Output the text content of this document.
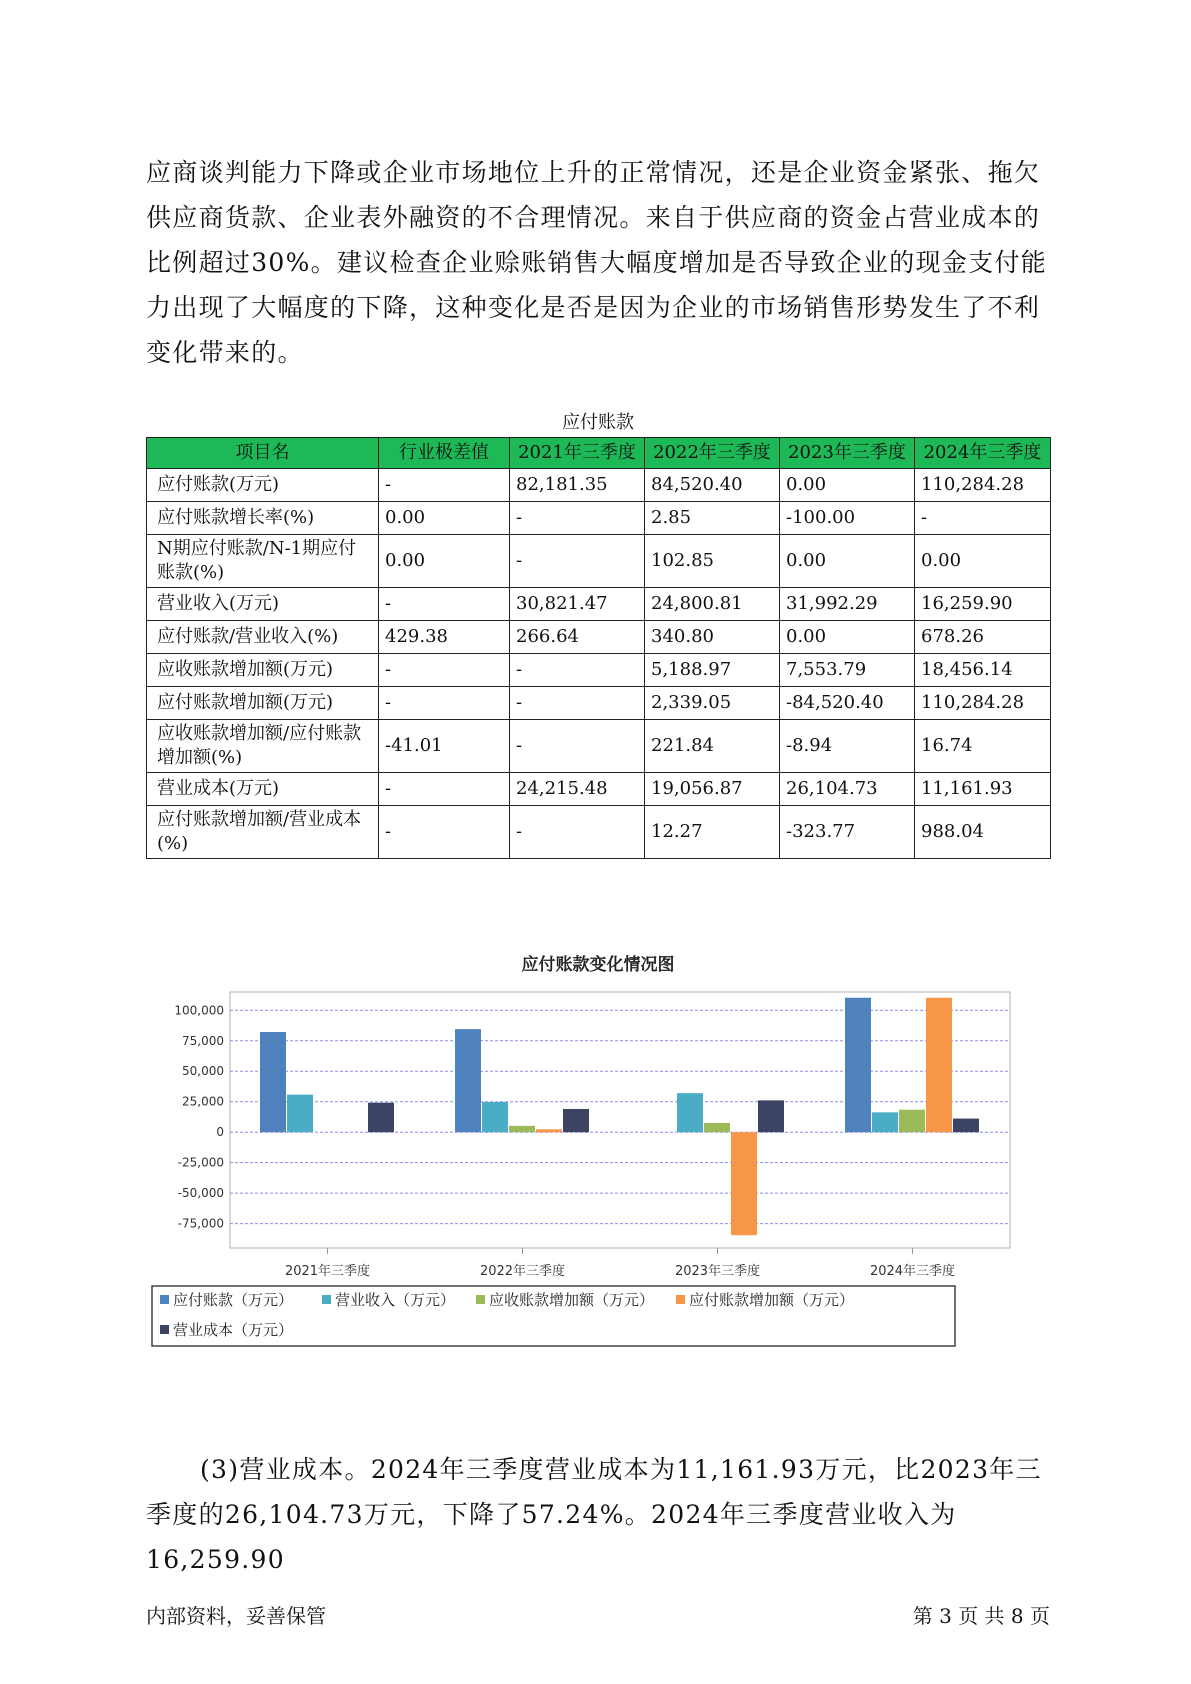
应商谈判能力下降或企业市场地位上升的正常情况，还是企业资金紧张、拖欠供应商货款、企业表外融资的不合理情况。来自于供应商的资金占营业成本的比例超过30%。建议检查企业赊账销售大幅度增加是否导致企业的现金支付能力出现了大幅度的下降，这种变化是否是因为企业的市场销售形势发生了不利变化带来的。

应付账款
项目名	行业极差值	2021年三季度	2022年三季度	2023年三季度	2024年三季度
应付账款(万元)	-	82,181.35	84,520.40	0.00	110,284.28
应付账款增长率(%)	0.00	-	2.85	-100.00	-
N期应付账款/N-1期应付账款(%)	0.00	-	102.85	0.00	0.00
营业收入(万元)	-	30,821.47	24,800.81	31,992.29	16,259.90
应付账款/营业收入(%)	429.38	266.64	340.80	0.00	678.26
应收账款增加额(万元)	-	-	5,188.97	7,553.79	18,456.14
应付账款增加额(万元)	-	-	2,339.05	-84,520.40	110,284.28
应收账款增加额/应付账款增加额(%)	-41.01	-	221.84	-8.94	16.74
营业成本(万元)	-	24,215.48	19,056.87	26,104.73	11,161.93
应付账款增加额/营业成本(%)	-	-	12.27	-323.77	988.04
应付账款变化情况图
100,000
75,000
50,000
25,000
0
-25,000
-50,000
-75,000
2021年三季度	2022年三季度	2023年三季度	2024年三季度
应付账款（万元）	营业收入（万元） 应收账款增加额（万元） 应付账款增加额（万元）
营业成本（万元）

(3)营业成本。2024年三季度营业成本为11,161.93万元，比2023年三季度的26,104.73万元，下降了57.24%。2024年三季度营业收入为16,259.90

内部资料，妥善保管	第 3 页 共 8 页
